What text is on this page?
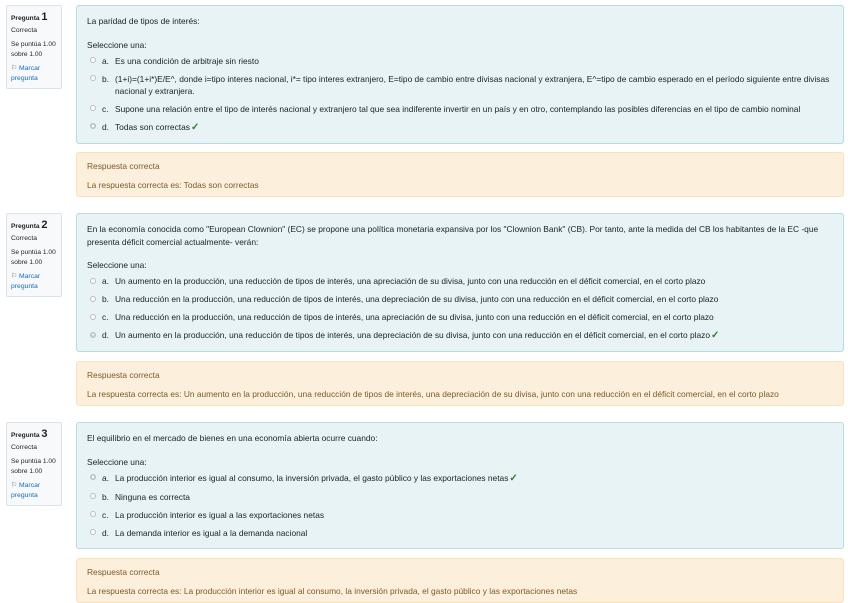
Pregunta 1
Correcta
Se puntúa 1.00
sobre 1.00
⚐ Marcar
pregunta
La paridad de tipos de interés:
Seleccione una:
a. Es una condición de arbitraje sin riesto
b. (1+i)=(1+i*)E/E^, donde i=tipo interes nacional, i*= tipo interes extranjero, E=tipo de cambio entre divisas nacional y extranjera, E^=tipo de cambio esperado en el período siguiente entre divisas nacional y extranjera.
c. Supone una relación entre el tipo de interés nacional y extranjero tal que sea indiferente invertir en un país y en otro, contemplando las posibles diferencias en el tipo de cambio nominal
d. Todas son correctas✓
Respuesta correcta
La respuesta correcta es: Todas son correctas
Pregunta 2
Correcta
Se puntúa 1.00
sobre 1.00
⚐ Marcar
pregunta
En la economía conocida como "European Clownion" (EC) se propone una política monetaria expansiva por los "Clownion Bank" (CB). Por tanto, ante la medida del CB los habitantes de la EC -que presenta déficit comercial actualmente- verán:
Seleccione una:
a. Un aumento en la producción, una reducción de tipos de interés, una apreciación de su divisa, junto con una reducción en el déficit comercial, en el corto plazo
b. Una reducción en la producción, una reducción de tipos de interés, una depreciación de su divisa, junto con una reducción en el déficit comercial, en el corto plazo
c. Una reducción en la producción, una reducción de tipos de interés, una apreciación de su divisa, junto con una reducción en el déficit comercial, en el corto plazo
d. Un aumento en la producción, una reducción de tipos de interés, una depreciación de su divisa, junto con una reducción en el déficit comercial, en el corto plazo✓
Respuesta correcta
La respuesta correcta es: Un aumento en la producción, una reducción de tipos de interés, una depreciación de su divisa, junto con una reducción en el déficit comercial, en el corto plazo
Pregunta 3
Correcta
Se puntúa 1.00
sobre 1.00
⚐ Marcar
pregunta
El equilibrio en el mercado de bienes en una economía abierta ocurre cuando:
Seleccione una:
a. La producción interior es igual al consumo, la inversión privada, el gasto público y las exportaciones netas✓
b. Ninguna es correcta
c. La producción interior es igual a las exportaciones netas
d. La demanda interior es igual a la demanda nacional
Respuesta correcta
La respuesta correcta es: La producción interior es igual al consumo, la inversión privada, el gasto público y las exportaciones netas
